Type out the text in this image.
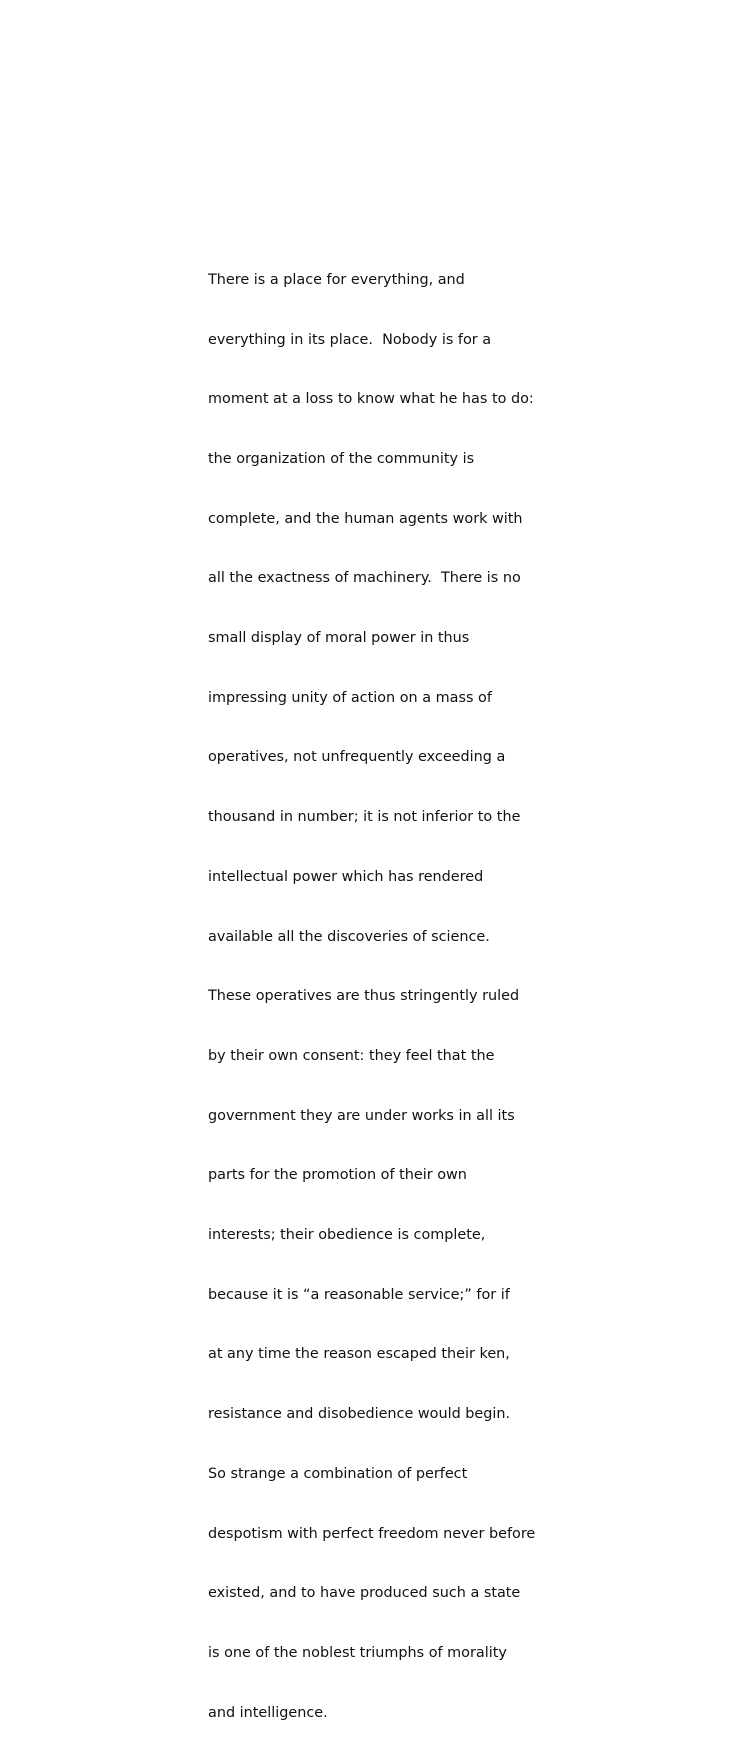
There is a place for everything, and

everything in its place.  Nobody is for a

moment at a loss to know what he has to do:

the organization of the community is

complete, and the human agents work with

all the exactness of machinery.  There is no

small display of moral power in thus

impressing unity of action on a mass of

operatives, not unfrequently exceeding a

thousand in number; it is not inferior to the

intellectual power which has rendered

available all the discoveries of science.

These operatives are thus stringently ruled

by their own consent: they feel that the

government they are under works in all its

parts for the promotion of their own

interests; their obedience is complete,

because it is “a reasonable service;” for if

at any time the reason escaped their ken,

resistance and disobedience would begin.

So strange a combination of perfect

despotism with perfect freedom never before

existed, and to have produced such a state

is one of the noblest triumphs of morality

and intelligence.
